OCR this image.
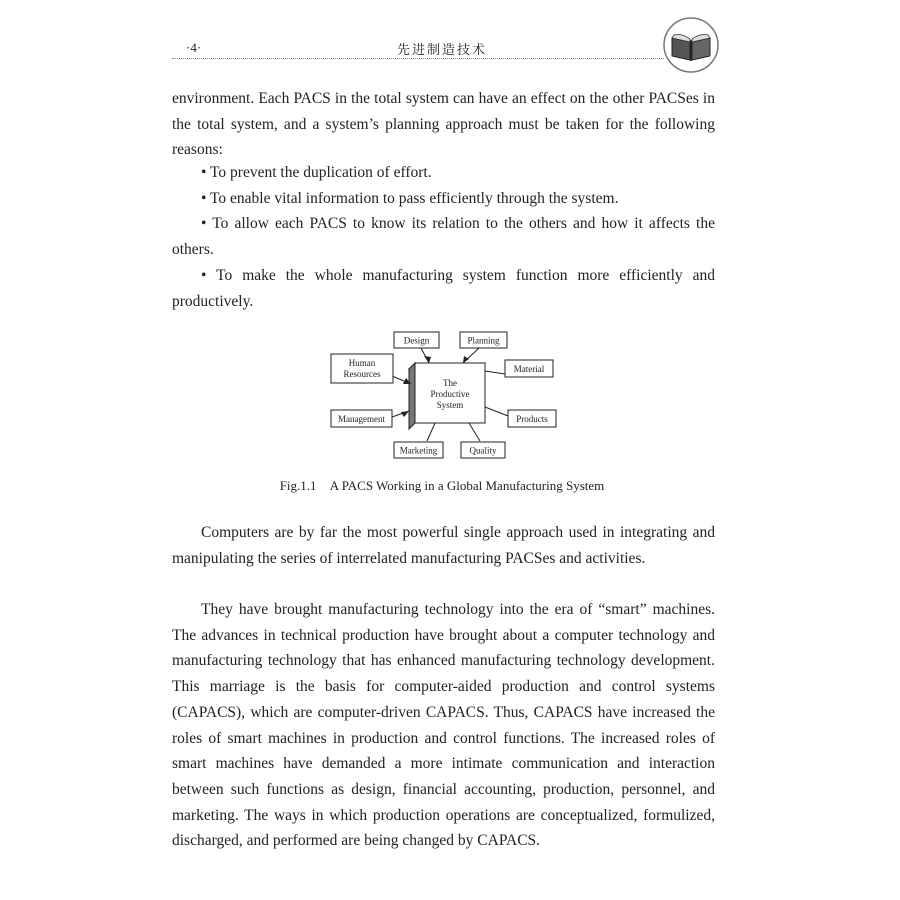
·4·	先进制造技术

environment. Each PACS in the total system can have an effect on the other PACSes in the total system, and a system’s planning approach must be taken for the following reasons:

• To prevent the duplication of effort.

• To enable vital information to pass efficiently through the system.

• To allow each PACS to know its relation to the others and how it affects the others.

• To make the whole manufacturing system function more efficiently and productively.

The
Productive
System
Design	Planning
Human
Resources	Material
Management	Products
Marketing	Quality
Fig.1.1 A PACS Working in a Global Manufacturing System

Computers are by far the most powerful single approach used in integrating and manipulating the series of interrelated manufacturing PACSes and activities.

They have brought manufacturing technology into the era of “smart” machines. The advances in technical production have brought about a computer technology and manufacturing technology that has enhanced manufacturing technology development. This marriage is the basis for computer-aided production and control systems (CAPACS), which are computer-driven CAPACS. Thus, CAPACS have increased the roles of smart machines in production and control functions. The increased roles of smart machines have demanded a more intimate communication and interaction between such functions as design, financial accounting, production, personnel, and marketing. The ways in which production operations are conceptualized, formulized, discharged, and performed are being changed by CAPACS.
